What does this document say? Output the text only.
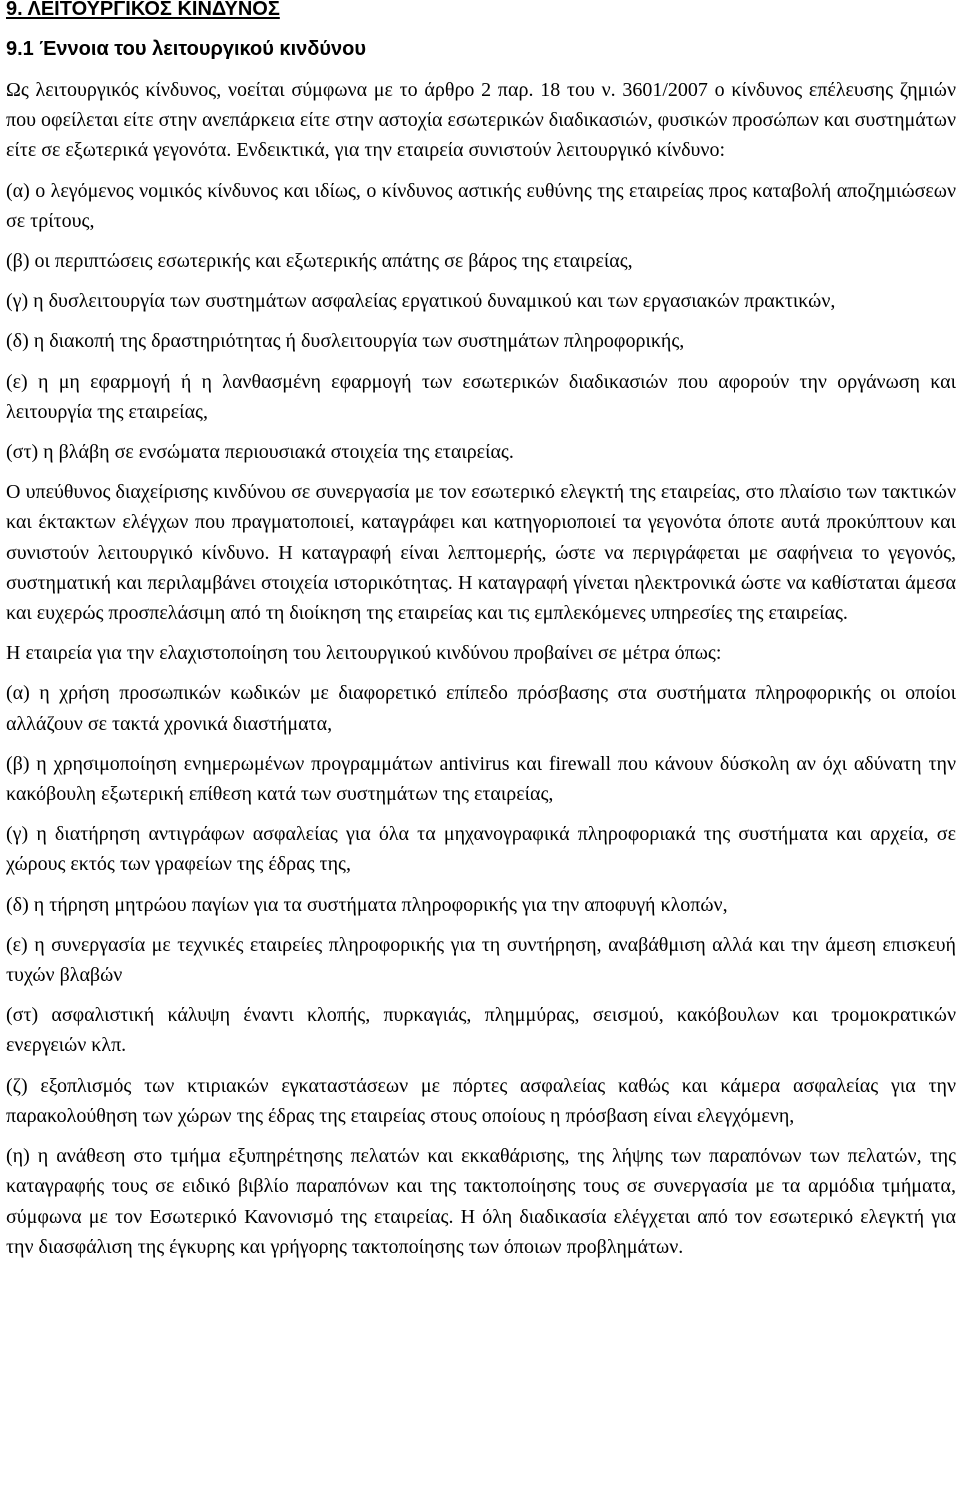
9. ΛΕΙΤΟΥΡΓΙΚΟΣ ΚΙΝΔΥΝΟΣ
9.1 Έννοια του λειτουργικού κινδύνου

Ως λειτουργικός κίνδυνος, νοείται σύμφωνα με το άρθρο 2 παρ. 18 του ν. 3601/2007 ο κίνδυνος επέλευσης ζημιών που οφείλεται είτε στην ανεπάρκεια είτε στην αστοχία εσωτερικών διαδικασιών, φυσικών προσώπων και συστημάτων είτε σε εξωτερικά γεγονότα. Ενδεικτικά, για την εταιρεία συνιστούν λειτουργικό κίνδυνο:

(α) ο λεγόμενος νομικός κίνδυνος και ιδίως, ο κίνδυνος αστικής ευθύνης της εταιρείας προς καταβολή αποζημιώσεων σε τρίτους,

(β) οι περιπτώσεις εσωτερικής και εξωτερικής απάτης σε βάρος της εταιρείας,

(γ) η δυσλειτουργία των συστημάτων ασφαλείας εργατικού δυναμικού και των εργασιακών πρακτικών,

(δ) η διακοπή της δραστηριότητας ή δυσλειτουργία των συστημάτων πληροφορικής,

(ε) η μη εφαρμογή ή η λανθασμένη εφαρμογή των εσωτερικών διαδικασιών που αφορούν την οργάνωση και λειτουργία της εταιρείας,

(στ) η βλάβη σε ενσώματα περιουσιακά στοιχεία της εταιρείας.

Ο υπεύθυνος διαχείρισης κινδύνου σε συνεργασία με τον εσωτερικό ελεγκτή της εταιρείας, στο πλαίσιο των τακτικών και έκτακτων ελέγχων που πραγματοποιεί, καταγράφει και κατηγοριοποιεί τα γεγονότα όποτε αυτά προκύπτουν και συνιστούν λειτουργικό κίνδυνο. Η καταγραφή είναι λεπτομερής, ώστε να περιγράφεται με σαφήνεια το γεγονός, συστηματική και περιλαμβάνει στοιχεία ιστορικότητας. Η καταγραφή γίνεται ηλεκτρονικά ώστε να καθίσταται άμεσα και ευχερώς προσπελάσιμη από τη διοίκηση της εταιρείας και τις εμπλεκόμενες υπηρεσίες της εταιρείας.

Η εταιρεία για την ελαχιστοποίηση του λειτουργικού κινδύνου προβαίνει σε μέτρα όπως:

(α) η χρήση προσωπικών κωδικών με διαφορετικό επίπεδο πρόσβασης στα συστήματα πληροφορικής οι οποίοι αλλάζουν σε τακτά χρονικά διαστήματα,

(β) η χρησιμοποίηση ενημερωμένων προγραμμάτων antivirus και firewall που κάνουν δύσκολη αν όχι αδύνατη την κακόβουλη εξωτερική επίθεση κατά των συστημάτων της εταιρείας,

(γ) η διατήρηση αντιγράφων ασφαλείας για όλα τα μηχανογραφικά πληροφοριακά της συστήματα και αρχεία, σε χώρους εκτός των γραφείων της έδρας της,

(δ) η τήρηση μητρώου παγίων για τα συστήματα πληροφορικής για την αποφυγή κλοπών,

(ε) η συνεργασία με τεχνικές εταιρείες πληροφορικής για τη συντήρηση, αναβάθμιση αλλά και την άμεση επισκευή τυχών βλαβών

(στ) ασφαλιστική κάλυψη έναντι κλοπής, πυρκαγιάς, πλημμύρας, σεισμού, κακόβουλων και τρομοκρατικών ενεργειών κλπ.

(ζ) εξοπλισμός των κτιριακών εγκαταστάσεων με πόρτες ασφαλείας καθώς και κάμερα ασφαλείας για την παρακολούθηση των χώρων της έδρας της εταιρείας στους οποίους η πρόσβαση είναι ελεγχόμενη,

(η) η ανάθεση στο τμήμα εξυπηρέτησης πελατών και εκκαθάρισης, της λήψης των παραπόνων των πελατών, της καταγραφής τους σε ειδικό βιβλίο παραπόνων και της τακτοποίησης τους σε συνεργασία με τα αρμόδια τμήματα, σύμφωνα με τον Εσωτερικό Κανονισμό της εταιρείας. Η όλη διαδικασία ελέγχεται από τον εσωτερικό ελεγκτή για την διασφάλιση της έγκυρης και γρήγορης τακτοποίησης των όποιων προβλημάτων.
